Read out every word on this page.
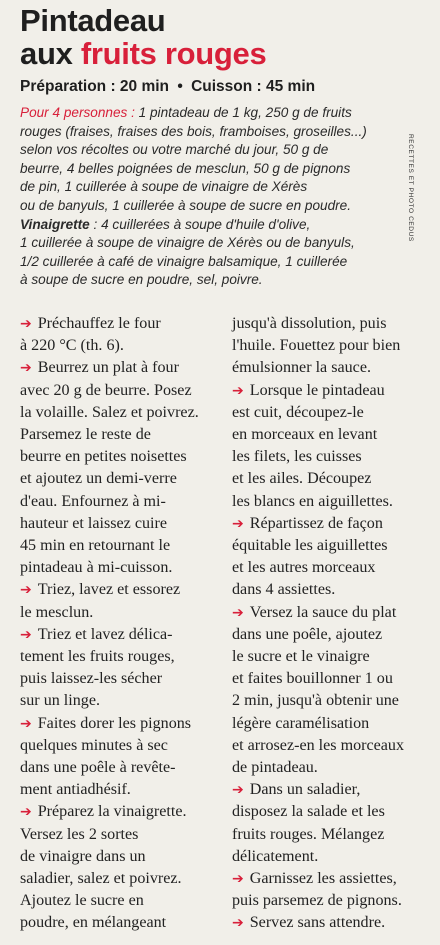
Pintadeau
aux fruits rouges
Préparation : 20 min • Cuisson : 45 min
Pour 4 personnes : 1 pintadeau de 1 kg, 250 g de fruits
rouges (fraises, fraises des bois, framboises, groseilles...)
selon vos récoltes ou votre marché du jour, 50 g de
beurre, 4 belles poignées de mesclun, 50 g de pignons
de pin, 1 cuillerée à soupe de vinaigre de Xérès
ou de banyuls, 1 cuillerée à soupe de sucre en poudre.
Vinaigrette : 4 cuillerées à soupe d'huile d'olive,
1 cuillerée à soupe de vinaigre de Xérès ou de banyuls,
1/2 cuillerée à café de vinaigre balsamique, 1 cuillerée
à soupe de sucre en poudre, sel, poivre.
RECETTES ET PHOTO CEDUS
➔ Préchauffez le four
à 220 °C (th. 6).
➔ Beurrez un plat à four
avec 20 g de beurre. Posez
la volaille. Salez et poivrez.
Parsemez le reste de
beurre en petites noisettes
et ajoutez un demi-verre
d'eau. Enfournez à mi-
hauteur et laissez cuire
45 min en retournant le
pintadeau à mi-cuisson.
➔ Triez, lavez et essorez
le mesclun.
➔ Triez et lavez délica-
tement les fruits rouges,
puis laissez-les sécher
sur un linge.
➔ Faites dorer les pignons
quelques minutes à sec
dans une poêle à revête-
ment antiadhésif.
➔ Préparez la vinaigrette.
Versez les 2 sortes
de vinaigre dans un
saladier, salez et poivrez.
Ajoutez le sucre en
poudre, en mélangeant
jusqu'à dissolution, puis
l'huile. Fouettez pour bien
émulsionner la sauce.
➔ Lorsque le pintadeau
est cuit, découpez-le
en morceaux en levant
les filets, les cuisses
et les ailes. Découpez
les blancs en aiguillettes.
➔ Répartissez de façon
équitable les aiguillettes
et les autres morceaux
dans 4 assiettes.
➔ Versez la sauce du plat
dans une poêle, ajoutez
le sucre et le vinaigre
et faites bouillonner 1 ou
2 min, jusqu'à obtenir une
légère caramélisation
et arrosez-en les morceaux
de pintadeau.
➔ Dans un saladier,
disposez la salade et les
fruits rouges. Mélangez
délicatement.
➔ Garnissez les assiettes,
puis parsemez de pignons.
➔ Servez sans attendre.
